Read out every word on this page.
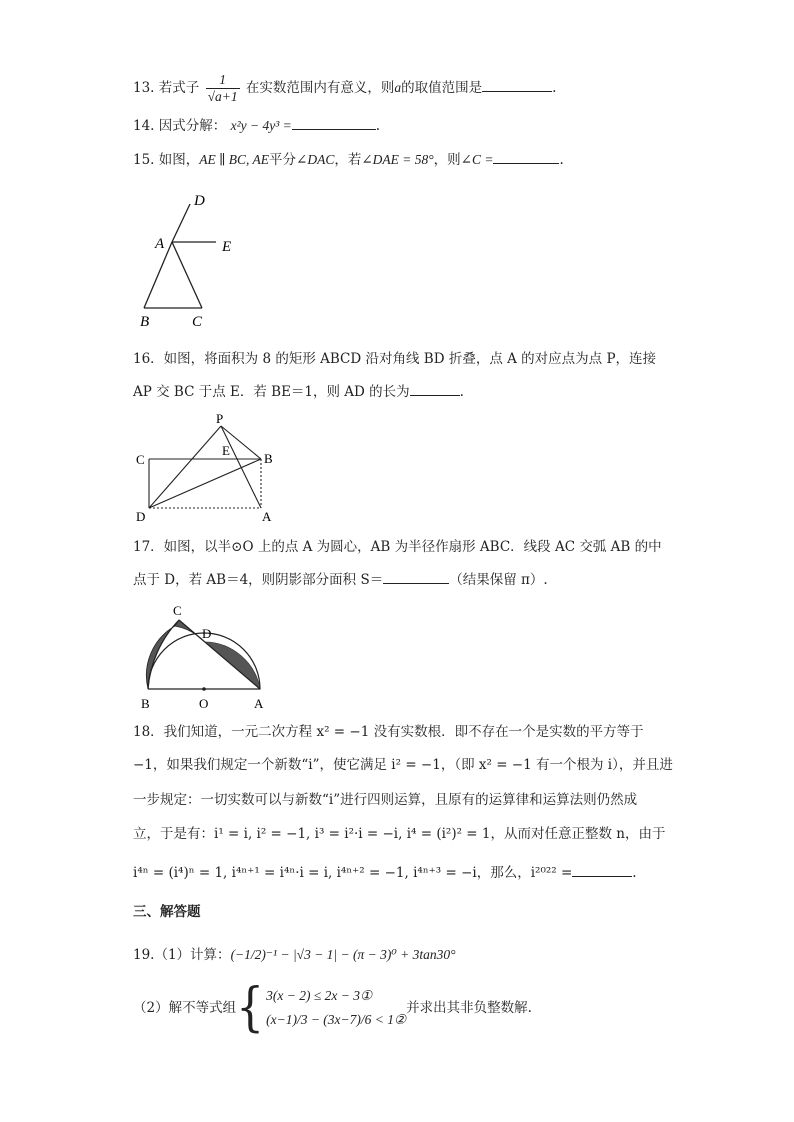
13. 若式子 $\frac{1}{√a+1}$ 在实数范围内有意义，则a的取值范围是	.
14. 因式分解： x²y − 4y³ =	.
15. 如图，AE ∥ BC, AE平分∠DAC，若∠DAE = 58°，则∠C =	.
D
A	E
B	C
16．如图，将面积为 8 的矩形 ABCD 沿对角线 BD 折叠，点 A 的对应点为点 P，连接
AP 交 BC 于点 E．若 BE＝1，则 AD 的长为	.
P
C
E
B
D	A
17．如图，以半⊙O 上的点 A 为圆心，AB 为半径作扇形 ABC．线段 AC 交弧 AB 的中
点于 D，若 AB＝4，则阴影部分面积 S＝	（结果保留 π）.
C
D
B	O	A
18．我们知道，一元二次方程 x² = −1 没有实数根．即不存在一个是实数的平方等于
−1，如果我们规定一个新数“i”，使它满足 i² = −1，（即 x² = −1 有一个根为 i），并且进
一步规定：一切实数可以与新数“i”进行四则运算，且原有的运算律和运算法则仍然成
立，于是有：i¹ = i, i² = −1, i³ = i²·i = −i, i⁴ = (i²)² = 1，从而对任意正整数 n，由于
i⁴ⁿ = (i⁴)ⁿ = 1, i⁴ⁿ⁺¹ = i⁴ⁿ·i = i, i⁴ⁿ⁺² = −1, i⁴ⁿ⁺³ = −i，那么，i²⁰²² =	.
三、解答题
19.（1）计算：(−1/2)⁻¹ − |√3 − 1| − (π − 3)⁰ + 3tan30°
（2）解不等式组{ 3(x − 2) ≤ 2x − 3①
(x−1)/3 − (3x−7)/6 < 1②
并求出其非负整数解.
